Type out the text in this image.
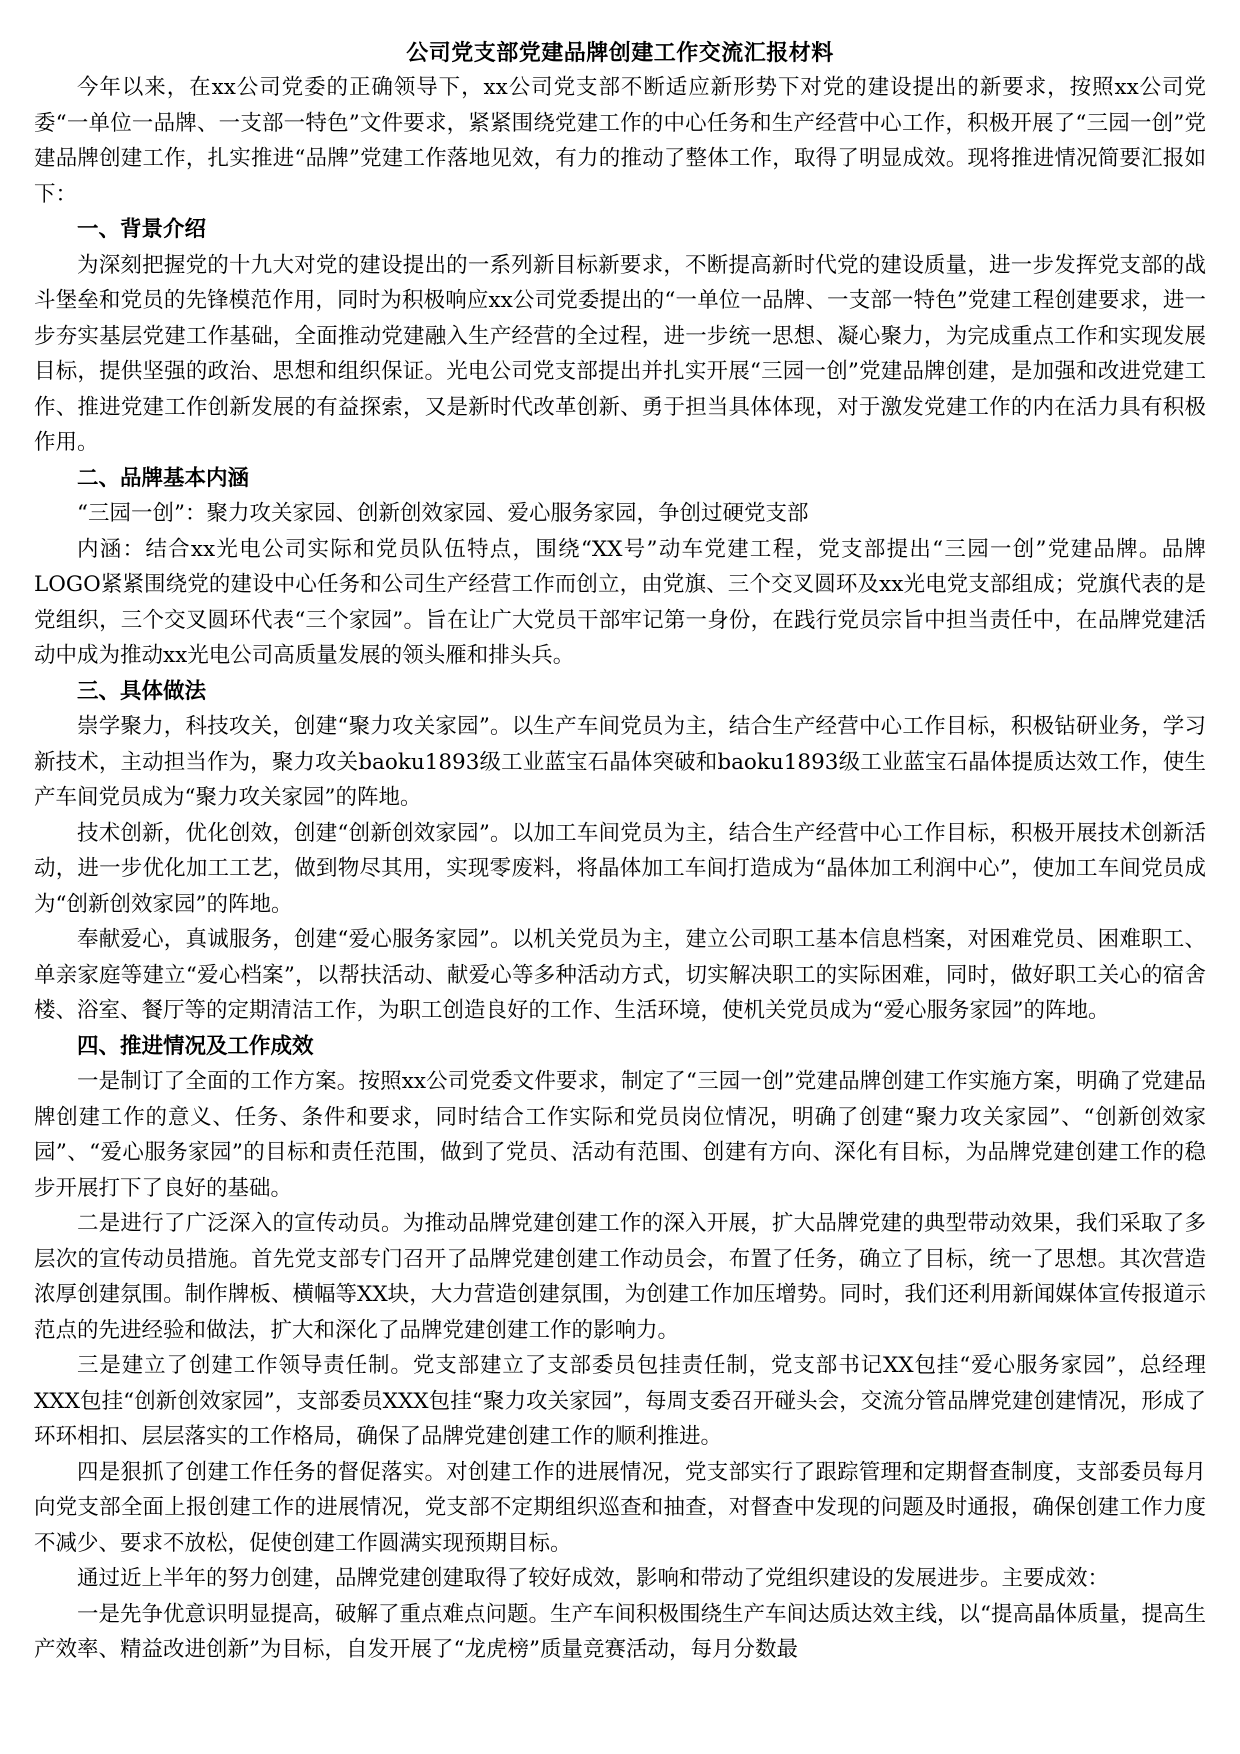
公司党支部党建品牌创建工作交流汇报材料

今年以来，在xx公司党委的正确领导下，xx公司党支部不断适应新形势下对党的建设提出的新要求，按照xx公司党委“一单位一品牌、一支部一特色”文件要求，紧紧围绕党建工作的中心任务和生产经营中心工作，积极开展了“三园一创”党建品牌创建工作，扎实推进“品牌”党建工作落地见效，有力的推动了整体工作，取得了明显成效。现将推进情况简要汇报如下：

一、背景介绍

为深刻把握党的十九大对党的建设提出的一系列新目标新要求，不断提高新时代党的建设质量，进一步发挥党支部的战斗堡垒和党员的先锋模范作用，同时为积极响应xx公司党委提出的“一单位一品牌、一支部一特色”党建工程创建要求，进一步夯实基层党建工作基础，全面推动党建融入生产经营的全过程，进一步统一思想、凝心聚力，为完成重点工作和实现发展目标，提供坚强的政治、思想和组织保证。光电公司党支部提出并扎实开展“三园一创”党建品牌创建，是加强和改进党建工作、推进党建工作创新发展的有益探索，又是新时代改革创新、勇于担当具体体现，对于激发党建工作的内在活力具有积极作用。

二、品牌基本内涵

“三园一创”：聚力攻关家园、创新创效家园、爱心服务家园，争创过硬党支部

内涵：结合xx光电公司实际和党员队伍特点，围绕“XX号”动车党建工程，党支部提出“三园一创”党建品牌。品牌LOGO紧紧围绕党的建设中心任务和公司生产经营工作而创立，由党旗、三个交叉圆环及xx光电党支部组成；党旗代表的是党组织，三个交叉圆环代表“三个家园”。旨在让广大党员干部牢记第一身份，在践行党员宗旨中担当责任中，在品牌党建活动中成为推动xx光电公司高质量发展的领头雁和排头兵。

三、具体做法

崇学聚力，科技攻关，创建“聚力攻关家园”。以生产车间党员为主，结合生产经营中心工作目标，积极钻研业务，学习新技术，主动担当作为，聚力攻关baoku1893级工业蓝宝石晶体突破和baoku1893级工业蓝宝石晶体提质达效工作，使生产车间党员成为“聚力攻关家园”的阵地。

技术创新，优化创效，创建“创新创效家园”。以加工车间党员为主，结合生产经营中心工作目标，积极开展技术创新活动，进一步优化加工工艺，做到物尽其用，实现零废料，将晶体加工车间打造成为“晶体加工利润中心”，使加工车间党员成为“创新创效家园”的阵地。

奉献爱心，真诚服务，创建“爱心服务家园”。以机关党员为主，建立公司职工基本信息档案，对困难党员、困难职工、单亲家庭等建立“爱心档案”，以帮扶活动、献爱心等多种活动方式，切实解决职工的实际困难，同时，做好职工关心的宿舍楼、浴室、餐厅等的定期清洁工作，为职工创造良好的工作、生活环境，使机关党员成为“爱心服务家园”的阵地。

四、推进情况及工作成效

一是制订了全面的工作方案。按照xx公司党委文件要求，制定了“三园一创”党建品牌创建工作实施方案，明确了党建品牌创建工作的意义、任务、条件和要求，同时结合工作实际和党员岗位情况，明确了创建“聚力攻关家园”、“创新创效家园”、“爱心服务家园”的目标和责任范围，做到了党员、活动有范围、创建有方向、深化有目标，为品牌党建创建工作的稳步开展打下了良好的基础。

二是进行了广泛深入的宣传动员。为推动品牌党建创建工作的深入开展，扩大品牌党建的典型带动效果，我们采取了多层次的宣传动员措施。首先党支部专门召开了品牌党建创建工作动员会，布置了任务，确立了目标，统一了思想。其次营造浓厚创建氛围。制作牌板、横幅等XX块，大力营造创建氛围，为创建工作加压增势。同时，我们还利用新闻媒体宣传报道示范点的先进经验和做法，扩大和深化了品牌党建创建工作的影响力。

三是建立了创建工作领导责任制。党支部建立了支部委员包挂责任制，党支部书记XX包挂“爱心服务家园”，总经理XXX包挂“创新创效家园”，支部委员XXX包挂“聚力攻关家园”，每周支委召开碰头会，交流分管品牌党建创建情况，形成了环环相扣、层层落实的工作格局，确保了品牌党建创建工作的顺利推进。

四是狠抓了创建工作任务的督促落实。对创建工作的进展情况，党支部实行了跟踪管理和定期督查制度，支部委员每月向党支部全面上报创建工作的进展情况，党支部不定期组织巡查和抽查，对督查中发现的问题及时通报，确保创建工作力度不减少、要求不放松，促使创建工作圆满实现预期目标。

通过近上半年的努力创建，品牌党建创建取得了较好成效，影响和带动了党组织建设的发展进步。主要成效：

一是先争优意识明显提高，破解了重点难点问题。生产车间积极围绕生产车间达质达效主线，以“提高晶体质量，提高生产效率、精益改进创新”为目标，自发开展了“龙虎榜”质量竞赛活动，每月分数最
